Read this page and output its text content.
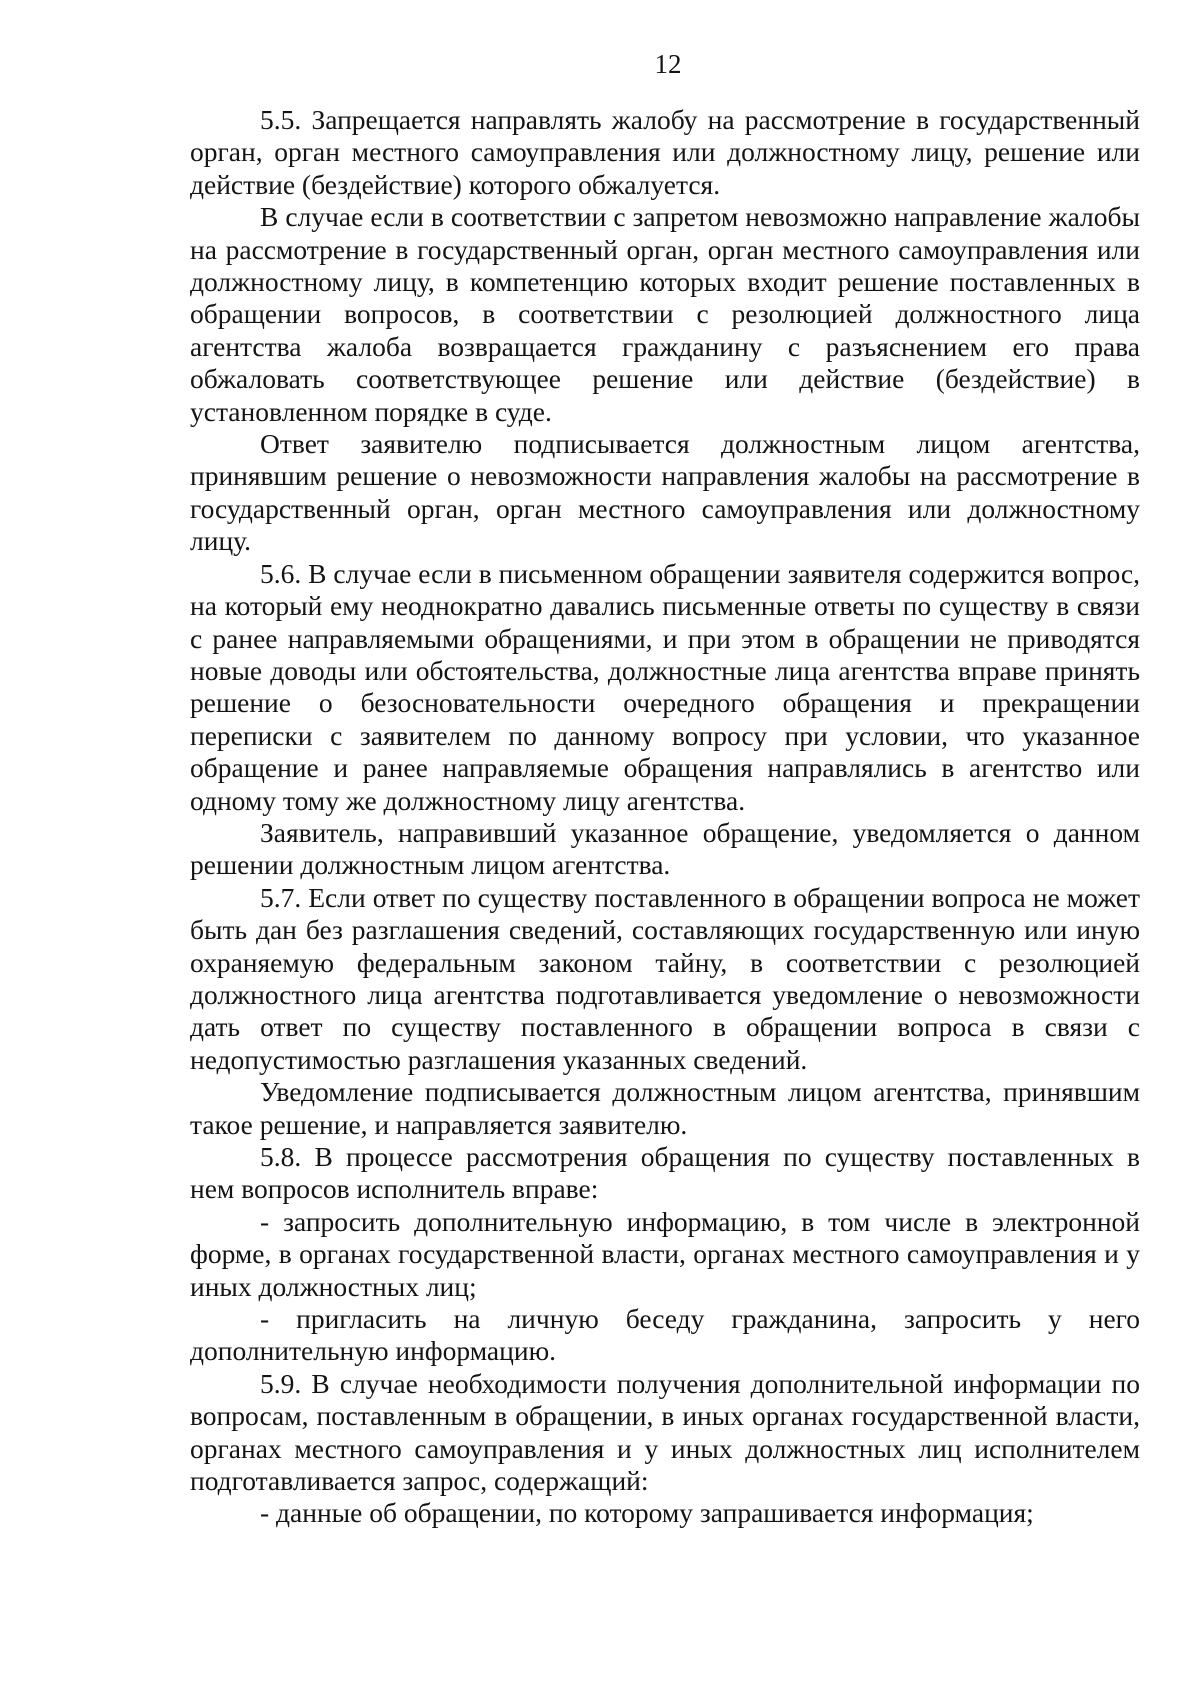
12

5.5. Запрещается направлять жалобу на рассмотрение в государственный орган, орган местного самоуправления или должностному лицу, решение или действие (бездействие) которого обжалуется.

В случае если в соответствии с запретом невозможно направление жалобы на рассмотрение в государственный орган, орган местного самоуправления или должностному лицу, в компетенцию которых входит решение поставленных в обращении вопросов, в соответствии с резолюцией должностного лица агентства жалоба возвращается гражданину с разъяснением его права обжаловать соответствующее решение или действие (бездействие) в установленном порядке в суде.

Ответ заявителю подписывается должностным лицом агентства, принявшим решение о невозможности направления жалобы на рассмотрение в государственный орган, орган местного самоуправления или должностному лицу.

5.6. В случае если в письменном обращении заявителя содержится вопрос, на который ему неоднократно давались письменные ответы по существу в связи с ранее направляемыми обращениями, и при этом в обращении не приводятся новые доводы или обстоятельства, должностные лица агентства вправе принять решение о безосновательности очередного обращения и прекращении переписки с заявителем по данному вопросу при условии, что указанное обращение и ранее направляемые обращения направлялись в агентство или одному тому же должностному лицу агентства.

Заявитель, направивший указанное обращение, уведомляется о данном решении должностным лицом агентства.

5.7. Если ответ по существу поставленного в обращении вопроса не может быть дан без разглашения сведений, составляющих государственную или иную охраняемую федеральным законом тайну, в соответствии с резолюцией должностного лица агентства подготавливается уведомление о невозможности дать ответ по существу поставленного в обращении вопроса в связи с недопустимостью разглашения указанных сведений.

Уведомление подписывается должностным лицом агентства, принявшим такое решение, и направляется заявителю.

5.8. В процессе рассмотрения обращения по существу поставленных в нем вопросов исполнитель вправе:

- запросить дополнительную информацию, в том числе в электронной форме, в органах государственной власти, органах местного самоуправления и у иных должностных лиц;

- пригласить на личную беседу гражданина, запросить у него дополнительную информацию.

5.9. В случае необходимости получения дополнительной информации по вопросам, поставленным в обращении, в иных органах государственной власти, органах местного самоуправления и у иных должностных лиц исполнителем подготавливается запрос, содержащий:

- данные об обращении, по которому запрашивается информация;
